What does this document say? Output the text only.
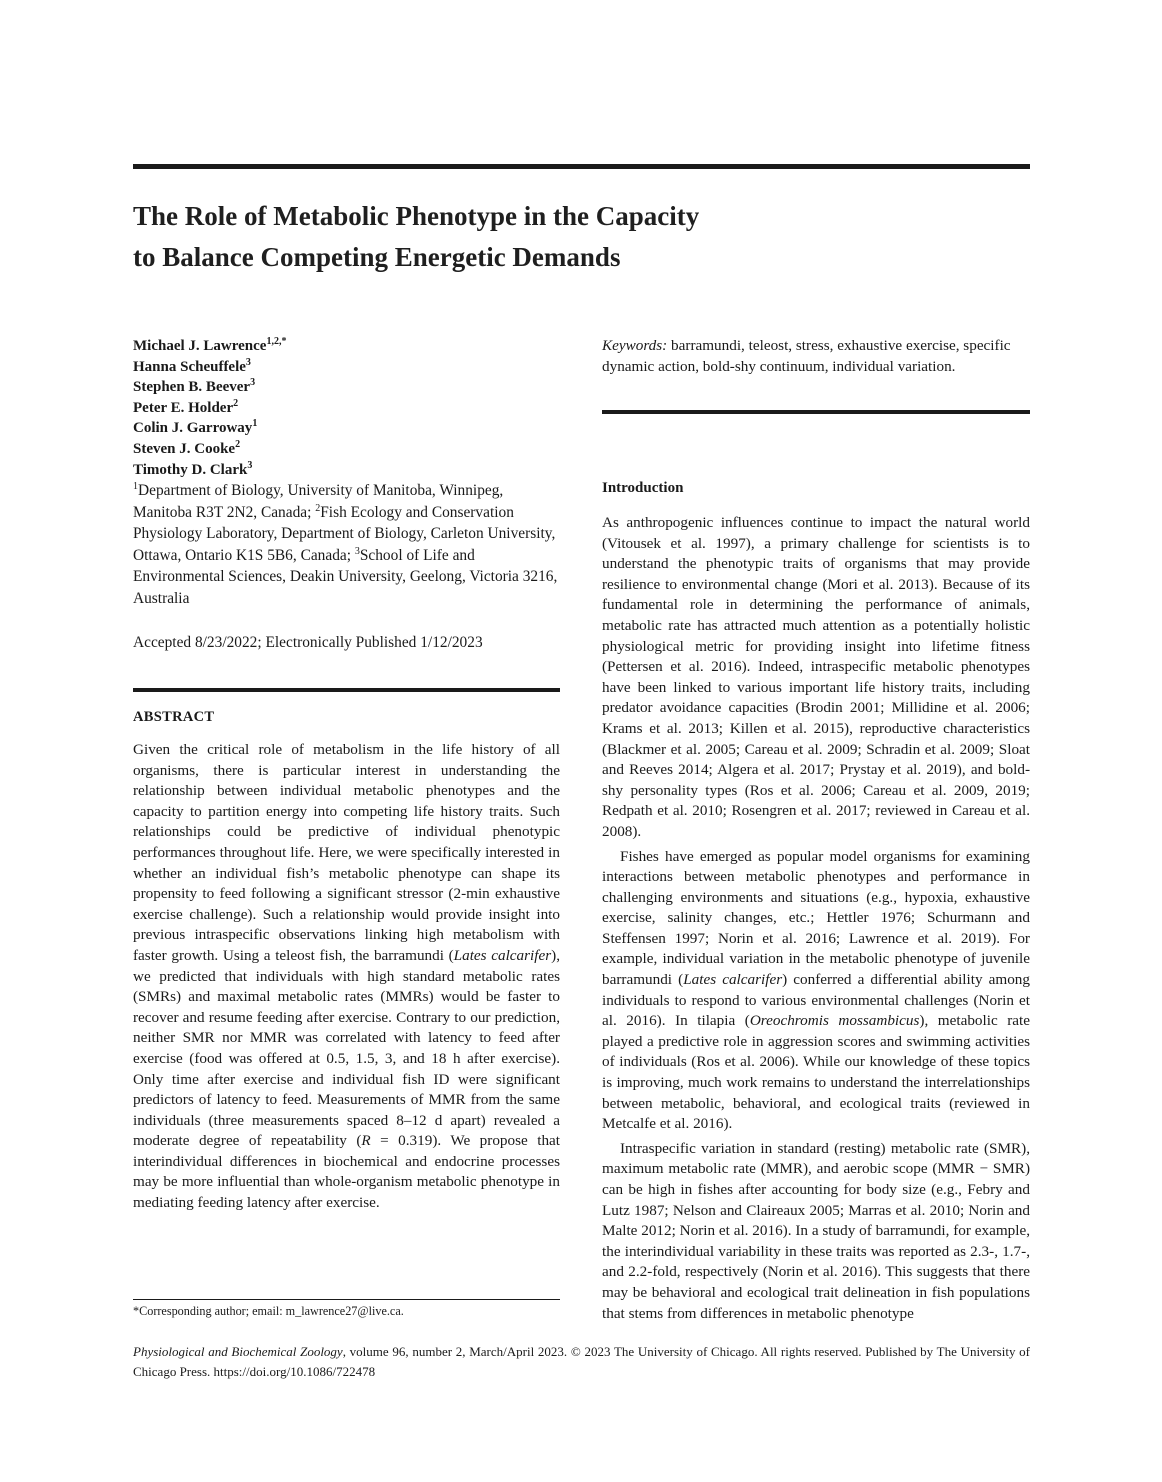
The Role of Metabolic Phenotype in the Capacity
to Balance Competing Energetic Demands
Michael J. Lawrence$^{1,2,*}$
Hanna Scheuffele$^3$
Stephen B. Beever$^3$
Peter E. Holder$^2$
Colin J. Garroway$^1$
Steven J. Cooke$^2$
Timothy D. Clark$^3$
$^1$Department of Biology, University of Manitoba, Winnipeg, Manitoba R3T 2N2, Canada; $^2$Fish Ecology and Conservation Physiology Laboratory, Department of Biology, Carleton University, Ottawa, Ontario K1S 5B6, Canada; $^3$School of Life and Environmental Sciences, Deakin University, Geelong, Victoria 3216, Australia
Accepted 8/23/2022; Electronically Published 1/12/2023
ABSTRACT
Given the critical role of metabolism in the life history of all organisms, there is particular interest in understanding the relationship between individual metabolic phenotypes and the capacity to partition energy into competing life history traits. Such relationships could be predictive of individual phenotypic performances throughout life. Here, we were specifically interested in whether an individual fish’s metabolic phenotype can shape its propensity to feed following a significant stressor (2-min exhaustive exercise challenge). Such a relationship would provide insight into previous intraspecific observations linking high metabolism with faster growth. Using a teleost fish, the barramundi (Lates calcarifer), we predicted that individuals with high standard metabolic rates (SMRs) and maximal metabolic rates (MMRs) would be faster to recover and resume feeding after exercise. Contrary to our prediction, neither SMR nor MMR was correlated with latency to feed after exercise (food was offered at 0.5, 1.5, 3, and 18 h after exercise). Only time after exercise and individual fish ID were significant predictors of latency to feed. Measurements of MMR from the same individuals (three measurements spaced 8–12 d apart) revealed a moderate degree of repeatability (R = 0.319). We propose that interindividual differences in biochemical and endocrine processes may be more influential than whole-organism metabolic phenotype in mediating feeding latency after exercise.
Keywords: barramundi, teleost, stress, exhaustive exercise, specific dynamic action, bold-shy continuum, individual variation.
Introduction

As anthropogenic influences continue to impact the natural world (Vitousek et al. 1997), a primary challenge for scientists is to understand the phenotypic traits of organisms that may provide resilience to environmental change (Mori et al. 2013). Because of its fundamental role in determining the performance of animals, metabolic rate has attracted much attention as a potentially holistic physiological metric for providing insight into lifetime fitness (Pettersen et al. 2016). Indeed, intraspecific metabolic phenotypes have been linked to various important life history traits, including predator avoidance capacities (Brodin 2001; Millidine et al. 2006; Krams et al. 2013; Killen et al. 2015), reproductive characteristics (Blackmer et al. 2005; Careau et al. 2009; Schradin et al. 2009; Sloat and Reeves 2014; Algera et al. 2017; Prystay et al. 2019), and bold-shy personality types (Ros et al. 2006; Careau et al. 2009, 2019; Redpath et al. 2010; Rosengren et al. 2017; reviewed in Careau et al. 2008).

Fishes have emerged as popular model organisms for examining interactions between metabolic phenotypes and performance in challenging environments and situations (e.g., hypoxia, exhaustive exercise, salinity changes, etc.; Hettler 1976; Schurmann and Steffensen 1997; Norin et al. 2016; Lawrence et al. 2019). For example, individual variation in the metabolic phenotype of juvenile barramundi (Lates calcarifer) conferred a differential ability among individuals to respond to various environmental challenges (Norin et al. 2016). In tilapia (Oreochromis mossambicus), metabolic rate played a predictive role in aggression scores and swimming activities of individuals (Ros et al. 2006). While our knowledge of these topics is improving, much work remains to understand the interrelationships between metabolic, behavioral, and ecological traits (reviewed in Metcalfe et al. 2016).

Intraspecific variation in standard (resting) metabolic rate (SMR), maximum metabolic rate (MMR), and aerobic scope (MMR − SMR) can be high in fishes after accounting for body size (e.g., Febry and Lutz 1987; Nelson and Claireaux 2005; Marras et al. 2010; Norin and Malte 2012; Norin et al. 2016). In a study of barramundi, for example, the interindividual variability in these traits was reported as 2.3-, 1.7-, and 2.2-fold, respectively (Norin et al. 2016). This suggests that there may be behavioral and ecological trait delineation in fish populations that stems from differences in metabolic phenotype

*Corresponding author; email: m_lawrence27@live.ca.
Physiological and Biochemical Zoology, volume 96, number 2, March/April 2023. © 2023 The University of Chicago. All rights reserved. Published by The University of Chicago Press. https://doi.org/10.1086/722478
